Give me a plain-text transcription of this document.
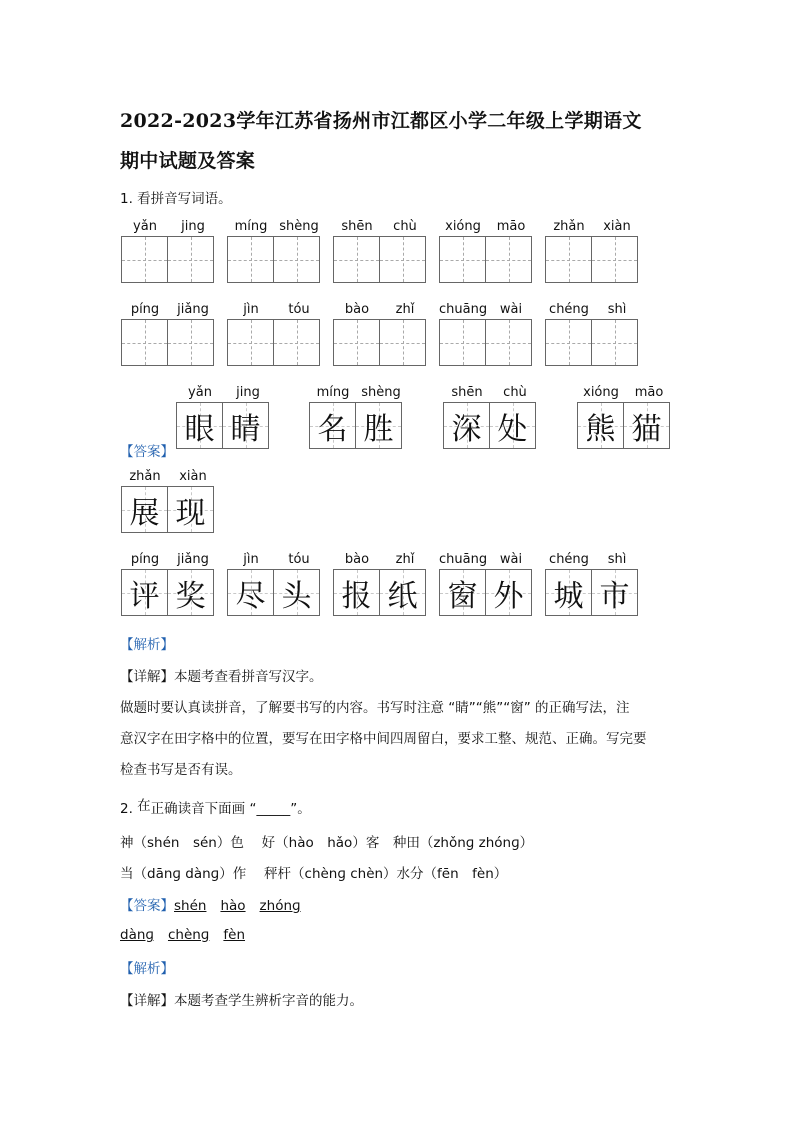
2022-2023学年江苏省扬州市江都区小学二年级上学期语文
期中试题及答案
1. 看拼音写词语。
yǎn	jing	míng shèng	shēn	chù	xióng	māo	zhǎn	xiàn
píng	jiǎng	jìn	tóu	bào	zhǐ	chuāng wài	chéng	shì
yǎn	jing
眼 睛
míng shèng
名 胜
shēn	chù
深 处
xióng	māo
熊 猫
zhǎn	xiàn
展 现
píng	jiǎng
评 奖
jìn	tóu
尽 头
bào	zhǐ
报 纸
chuāng wài
窗 外
chéng	shì
城 市
【答案】
【解析】
【详解】本题考查看拼音写汉字。
做题时要认真读拼音，了解要书写的内容。书写时注意 “睛”“熊”“窗” 的正确写法，注
意汉字在田字格中的位置，要写在田字格中间四周留白，要求工整、规范、正确。写完要
检查书写是否有误。
2. 在正确读音下面画 “_____”。
神（shén　sén）色　 好（hào　hǎo）客　种田（zhǒnɡ zhónɡ）
当（dānɡ dànɡ）作　 秤杆（chènɡ chèn）水分（fēn　fèn）
【答案】shén hào zhónɡ
dànɡ chènɡ fèn
【解析】
【详解】本题考查学生辨析字音的能力。
